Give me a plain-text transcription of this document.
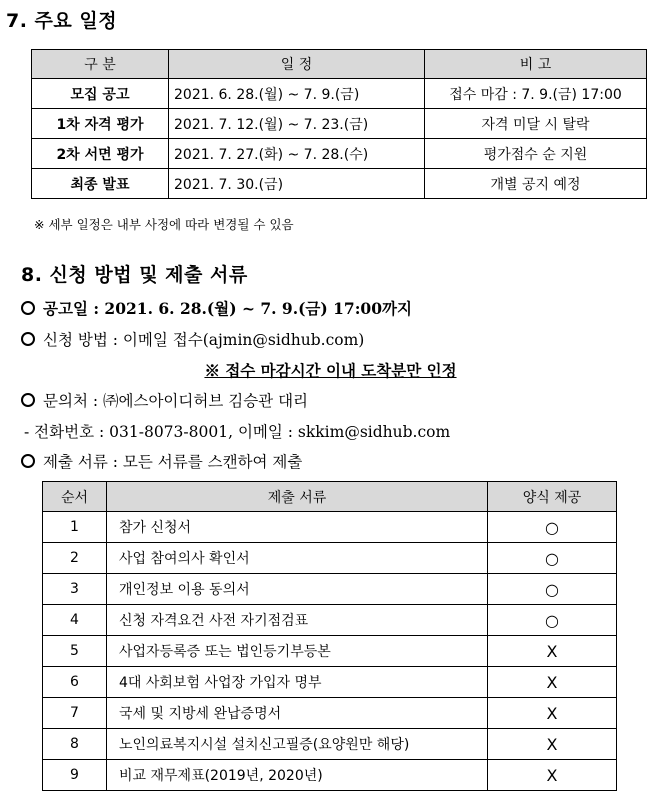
7. 주요 일정
구 분	일 정	비 고
모집 공고	2021. 6. 28.(월) ~ 7. 9.(금)	접수 마감 : 7. 9.(금) 17:00
1차 자격 평가	2021. 7. 12.(월) ~ 7. 23.(금)	자격 미달 시 탈락
2차 서면 평가	2021. 7. 27.(화) ~ 7. 28.(수)	평가점수 순 지원
최종 발표	2021. 7. 30.(금)	개별 공지 예정
※ 세부 일정은 내부 사정에 따라 변경될 수 있음
8. 신청 방법 및 제출 서류
공고일 : 2021. 6. 28.(월) ~ 7. 9.(금) 17:00까지
신청 방법 : 이메일 접수(ajmin@sidhub.com)
※ 접수 마감시간 이내 도착분만 인정
문의처 : ㈜에스아이디허브 김승관 대리
- 전화번호 : 031-8073-8001, 이메일 : skkim@sidhub.com
제출 서류 : 모든 서류를 스캔하여 제출
순서	제출 서류	양식 제공
1	참가 신청서	○
2	사업 참여의사 확인서	○
3	개인정보 이용 동의서	○
4	신청 자격요건 사전 자기점검표	○
5	사업자등록증 또는 법인등기부등본	X
6	4대 사회보험 사업장 가입자 명부	X
7	국세 및 지방세 완납증명서	X
8	노인의료복지시설 설치신고필증(요양원만 해당)	X
9	비교 재무제표(2019년, 2020년)	X
